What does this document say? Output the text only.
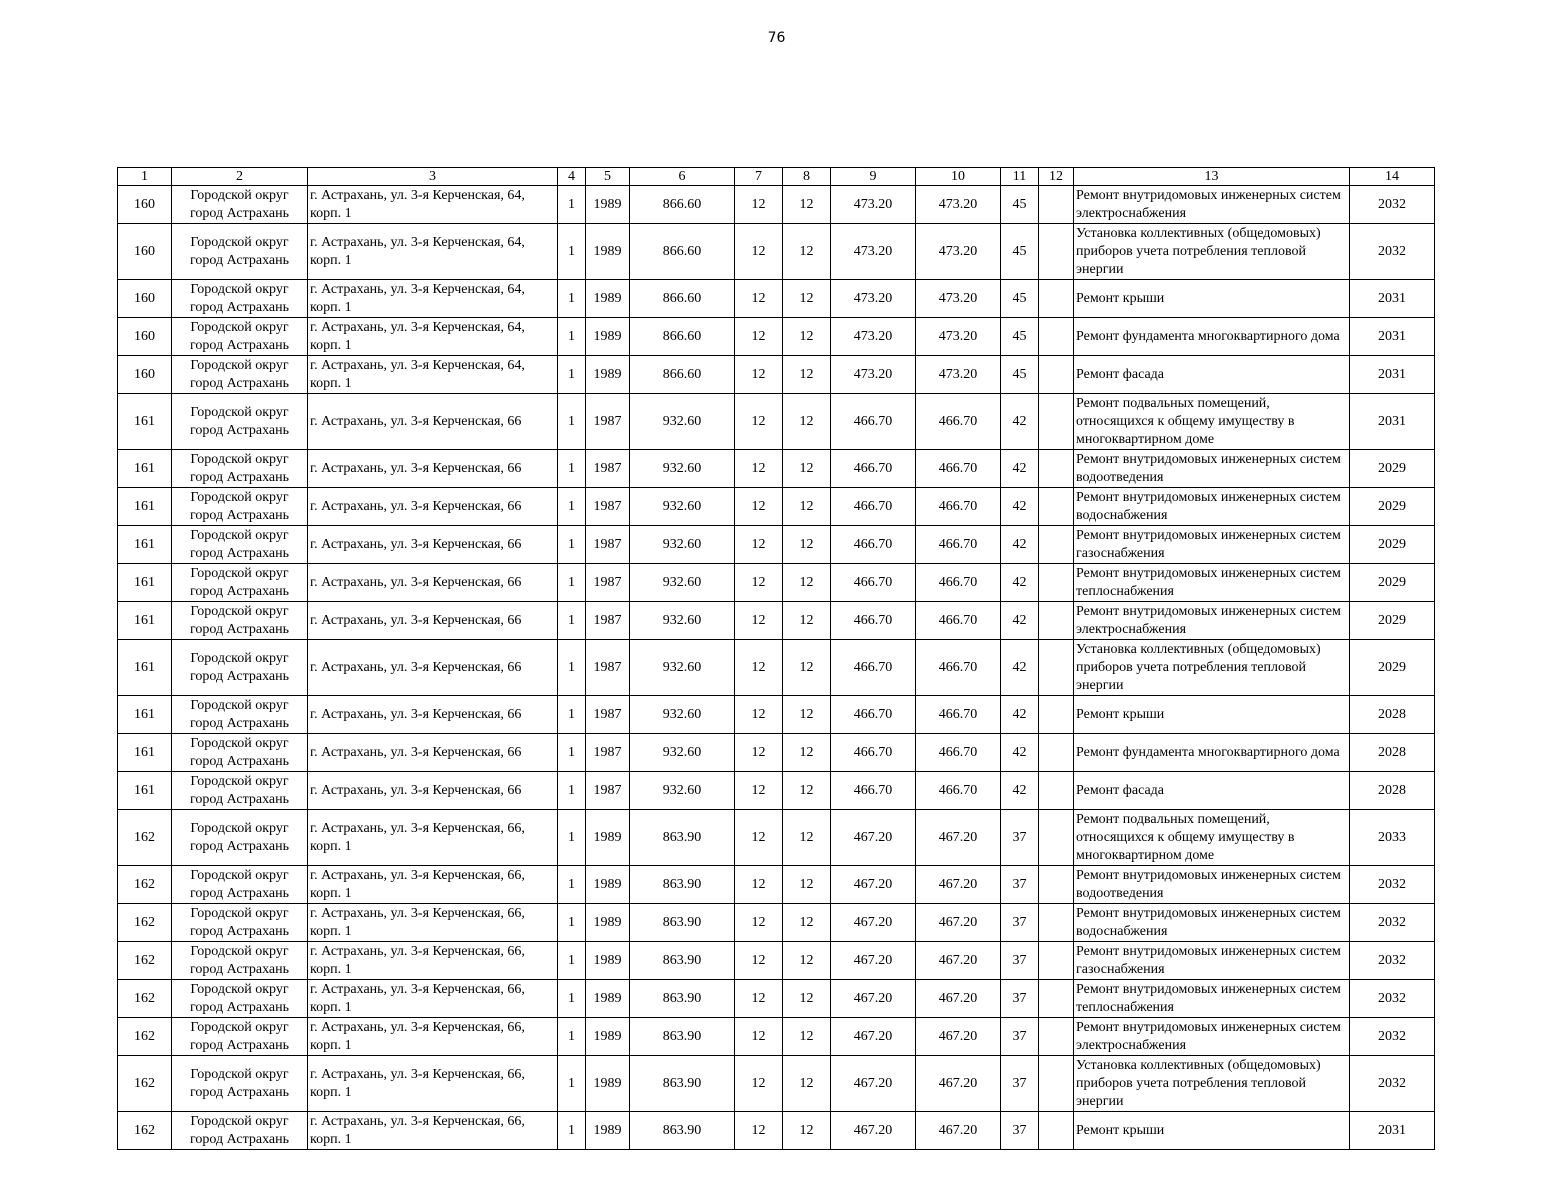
76
1	2	3	4	5	6	7	8	9	10	11	12	13	14
160	Городской округ город Астрахань	г. Астрахань, ул. 3-я Керченская, 64, корп. 1	1	1989	866.60	12	12	473.20	473.20	45		Ремонт внутридомовых инженерных систем электроснабжения	2032
160	Городской округ город Астрахань	г. Астрахань, ул. 3-я Керченская, 64, корп. 1	1	1989	866.60	12	12	473.20	473.20	45		Установка коллективных (общедомовых) приборов учета потребления тепловой энергии	2032
160	Городской округ город Астрахань	г. Астрахань, ул. 3-я Керченская, 64, корп. 1	1	1989	866.60	12	12	473.20	473.20	45		Ремонт крыши	2031
160	Городской округ город Астрахань	г. Астрахань, ул. 3-я Керченская, 64, корп. 1	1	1989	866.60	12	12	473.20	473.20	45		Ремонт фундамента многоквартирного дома	2031
160	Городской округ город Астрахань	г. Астрахань, ул. 3-я Керченская, 64, корп. 1	1	1989	866.60	12	12	473.20	473.20	45		Ремонт фасада	2031
161	Городской округ город Астрахань	г. Астрахань, ул. 3-я Керченская, 66	1	1987	932.60	12	12	466.70	466.70	42		Ремонт подвальных помещений, относящихся к общему имуществу в многоквартирном доме	2031
161	Городской округ город Астрахань	г. Астрахань, ул. 3-я Керченская, 66	1	1987	932.60	12	12	466.70	466.70	42		Ремонт внутридомовых инженерных систем водоотведения	2029
161	Городской округ город Астрахань	г. Астрахань, ул. 3-я Керченская, 66	1	1987	932.60	12	12	466.70	466.70	42		Ремонт внутридомовых инженерных систем водоснабжения	2029
161	Городской округ город Астрахань	г. Астрахань, ул. 3-я Керченская, 66	1	1987	932.60	12	12	466.70	466.70	42		Ремонт внутридомовых инженерных систем газоснабжения	2029
161	Городской округ город Астрахань	г. Астрахань, ул. 3-я Керченская, 66	1	1987	932.60	12	12	466.70	466.70	42		Ремонт внутридомовых инженерных систем теплоснабжения	2029
161	Городской округ город Астрахань	г. Астрахань, ул. 3-я Керченская, 66	1	1987	932.60	12	12	466.70	466.70	42		Ремонт внутридомовых инженерных систем электроснабжения	2029
161	Городской округ город Астрахань	г. Астрахань, ул. 3-я Керченская, 66	1	1987	932.60	12	12	466.70	466.70	42		Установка коллективных (общедомовых) приборов учета потребления тепловой энергии	2029
161	Городской округ город Астрахань	г. Астрахань, ул. 3-я Керченская, 66	1	1987	932.60	12	12	466.70	466.70	42		Ремонт крыши	2028
161	Городской округ город Астрахань	г. Астрахань, ул. 3-я Керченская, 66	1	1987	932.60	12	12	466.70	466.70	42		Ремонт фундамента многоквартирного дома	2028
161	Городской округ город Астрахань	г. Астрахань, ул. 3-я Керченская, 66	1	1987	932.60	12	12	466.70	466.70	42		Ремонт фасада	2028
162	Городской округ город Астрахань	г. Астрахань, ул. 3-я Керченская, 66, корп. 1	1	1989	863.90	12	12	467.20	467.20	37		Ремонт подвальных помещений, относящихся к общему имуществу в многоквартирном доме	2033
162	Городской округ город Астрахань	г. Астрахань, ул. 3-я Керченская, 66, корп. 1	1	1989	863.90	12	12	467.20	467.20	37		Ремонт внутридомовых инженерных систем водоотведения	2032
162	Городской округ город Астрахань	г. Астрахань, ул. 3-я Керченская, 66, корп. 1	1	1989	863.90	12	12	467.20	467.20	37		Ремонт внутридомовых инженерных систем водоснабжения	2032
162	Городской округ город Астрахань	г. Астрахань, ул. 3-я Керченская, 66, корп. 1	1	1989	863.90	12	12	467.20	467.20	37		Ремонт внутридомовых инженерных систем газоснабжения	2032
162	Городской округ город Астрахань	г. Астрахань, ул. 3-я Керченская, 66, корп. 1	1	1989	863.90	12	12	467.20	467.20	37		Ремонт внутридомовых инженерных систем теплоснабжения	2032
162	Городской округ город Астрахань	г. Астрахань, ул. 3-я Керченская, 66, корп. 1	1	1989	863.90	12	12	467.20	467.20	37		Ремонт внутридомовых инженерных систем электроснабжения	2032
162	Городской округ город Астрахань	г. Астрахань, ул. 3-я Керченская, 66, корп. 1	1	1989	863.90	12	12	467.20	467.20	37		Установка коллективных (общедомовых) приборов учета потребления тепловой энергии	2032
162	Городской округ город Астрахань	г. Астрахань, ул. 3-я Керченская, 66, корп. 1	1	1989	863.90	12	12	467.20	467.20	37		Ремонт крыши	2031
